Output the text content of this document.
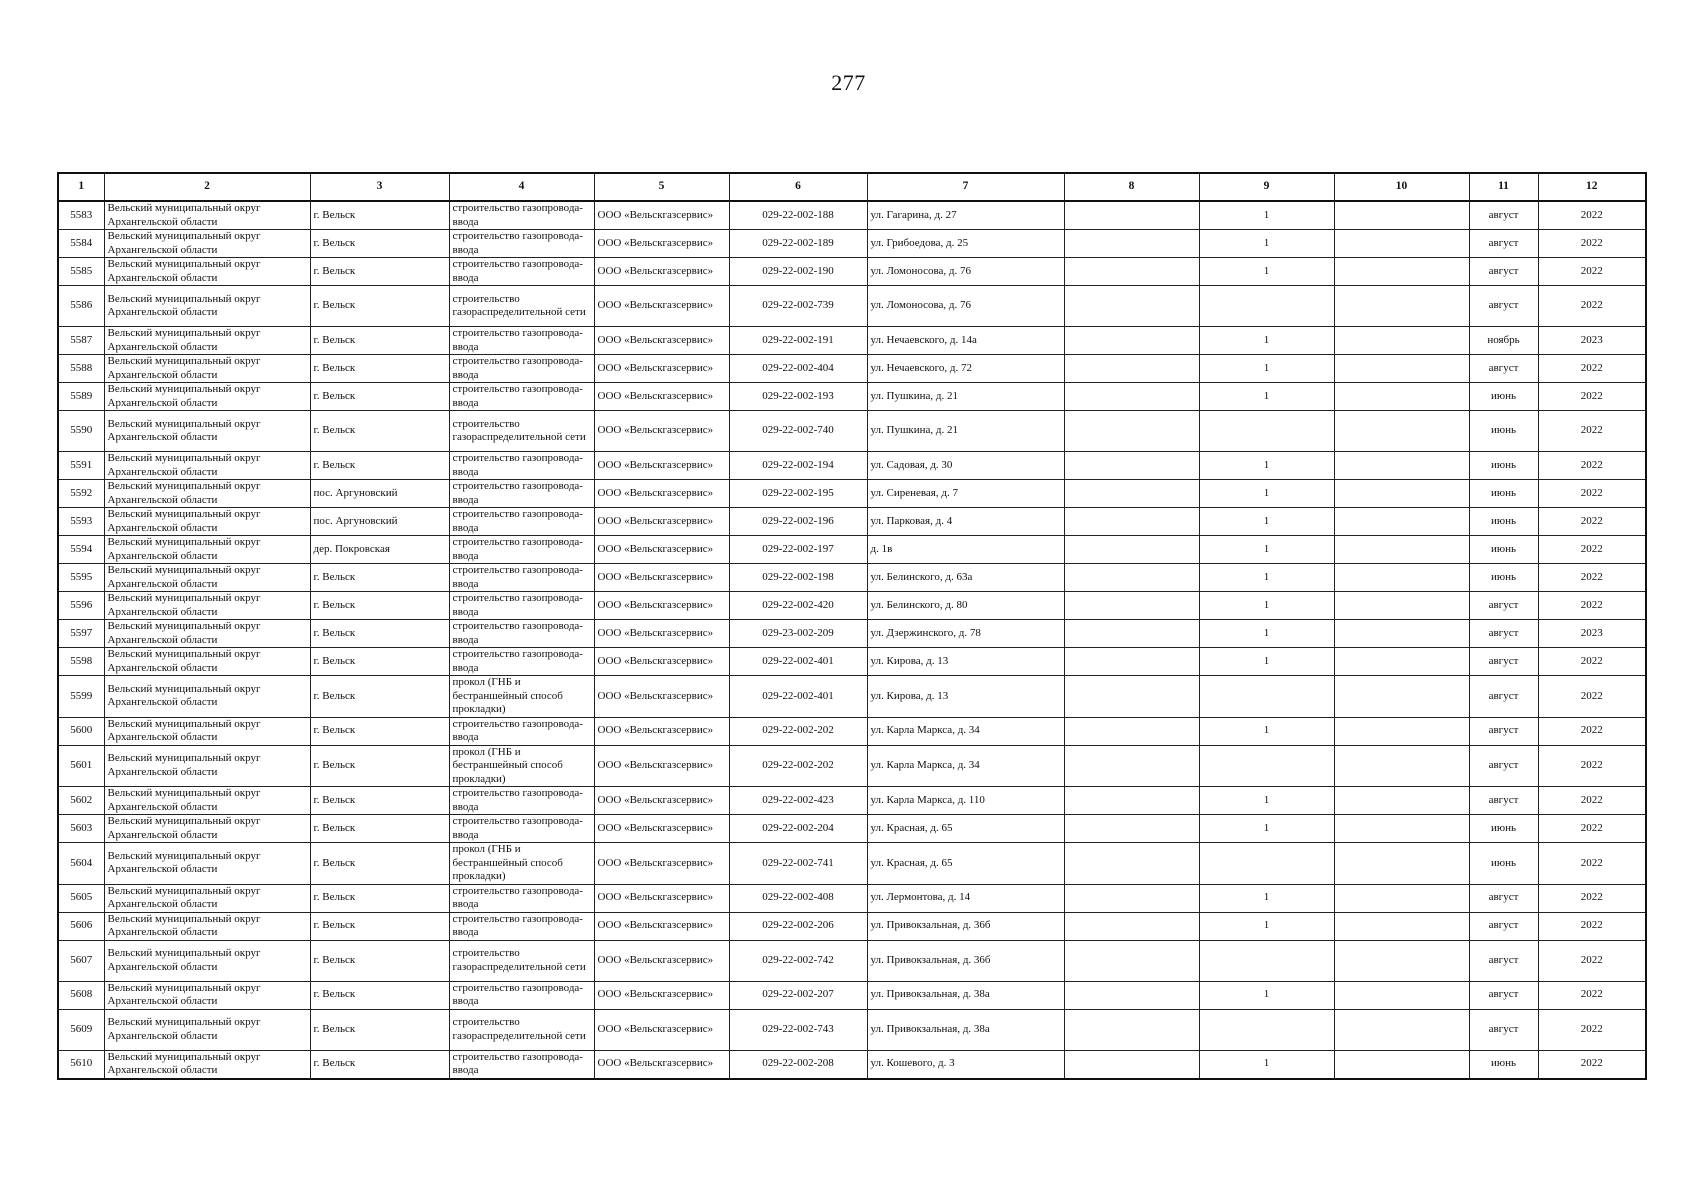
277
1	2	3	4	5	6	7	8	9	10	11	12
5583	Вельский муниципальный округ Архангельской области	г. Вельск	строительство газопровода-ввода	ООО «Вельскгазсервис»	029-22-002-188	ул. Гагарина, д. 27		1		август	2022
5584	Вельский муниципальный округ Архангельской области	г. Вельск	строительство газопровода-ввода	ООО «Вельскгазсервис»	029-22-002-189	ул. Грибоедова, д. 25		1		август	2022
5585	Вельский муниципальный округ Архангельской области	г. Вельск	строительство газопровода-ввода	ООО «Вельскгазсервис»	029-22-002-190	ул. Ломоносова, д. 76		1		август	2022
5586	Вельский муниципальный округ Архангельской области	г. Вельск	строительство газораспределительной сети	ООО «Вельскгазсервис»	029-22-002-739	ул. Ломоносова, д. 76				август	2022
5587	Вельский муниципальный округ Архангельской области	г. Вельск	строительство газопровода-ввода	ООО «Вельскгазсервис»	029-22-002-191	ул. Нечаевского, д. 14а		1		ноябрь	2023
5588	Вельский муниципальный округ Архангельской области	г. Вельск	строительство газопровода-ввода	ООО «Вельскгазсервис»	029-22-002-404	ул. Нечаевского, д. 72		1		август	2022
5589	Вельский муниципальный округ Архангельской области	г. Вельск	строительство газопровода-ввода	ООО «Вельскгазсервис»	029-22-002-193	ул. Пушкина, д. 21		1		июнь	2022
5590	Вельский муниципальный округ Архангельской области	г. Вельск	строительство газораспределительной сети	ООО «Вельскгазсервис»	029-22-002-740	ул. Пушкина, д. 21				июнь	2022
5591	Вельский муниципальный округ Архангельской области	г. Вельск	строительство газопровода-ввода	ООО «Вельскгазсервис»	029-22-002-194	ул. Садовая, д. 30		1		июнь	2022
5592	Вельский муниципальный округ Архангельской области	пос. Аргуновский	строительство газопровода-ввода	ООО «Вельскгазсервис»	029-22-002-195	ул. Сиреневая, д. 7		1		июнь	2022
5593	Вельский муниципальный округ Архангельской области	пос. Аргуновский	строительство газопровода-ввода	ООО «Вельскгазсервис»	029-22-002-196	ул. Парковая, д. 4		1		июнь	2022
5594	Вельский муниципальный округ Архангельской области	дер. Покровская	строительство газопровода-ввода	ООО «Вельскгазсервис»	029-22-002-197	д. 1в		1		июнь	2022
5595	Вельский муниципальный округ Архангельской области	г. Вельск	строительство газопровода-ввода	ООО «Вельскгазсервис»	029-22-002-198	ул. Белинского, д. 63а		1		июнь	2022
5596	Вельский муниципальный округ Архангельской области	г. Вельск	строительство газопровода-ввода	ООО «Вельскгазсервис»	029-22-002-420	ул. Белинского, д. 80		1		август	2022
5597	Вельский муниципальный округ Архангельской области	г. Вельск	строительство газопровода-ввода	ООО «Вельскгазсервис»	029-23-002-209	ул. Дзержинского, д. 78		1		август	2023
5598	Вельский муниципальный округ Архангельской области	г. Вельск	строительство газопровода-ввода	ООО «Вельскгазсервис»	029-22-002-401	ул. Кирова, д. 13		1		август	2022
5599	Вельский муниципальный округ Архангельской области	г. Вельск	прокол (ГНБ и бестраншейный способ прокладки)	ООО «Вельскгазсервис»	029-22-002-401	ул. Кирова, д. 13				август	2022
5600	Вельский муниципальный округ Архангельской области	г. Вельск	строительство газопровода-ввода	ООО «Вельскгазсервис»	029-22-002-202	ул. Карла Маркса, д. 34		1		август	2022
5601	Вельский муниципальный округ Архангельской области	г. Вельск	прокол (ГНБ и бестраншейный способ прокладки)	ООО «Вельскгазсервис»	029-22-002-202	ул. Карла Маркса, д. 34				август	2022
5602	Вельский муниципальный округ Архангельской области	г. Вельск	строительство газопровода-ввода	ООО «Вельскгазсервис»	029-22-002-423	ул. Карла Маркса, д. 110		1		август	2022
5603	Вельский муниципальный округ Архангельской области	г. Вельск	строительство газопровода-ввода	ООО «Вельскгазсервис»	029-22-002-204	ул. Красная, д. 65		1		июнь	2022
5604	Вельский муниципальный округ Архангельской области	г. Вельск	прокол (ГНБ и бестраншейный способ прокладки)	ООО «Вельскгазсервис»	029-22-002-741	ул. Красная, д. 65				июнь	2022
5605	Вельский муниципальный округ Архангельской области	г. Вельск	строительство газопровода-ввода	ООО «Вельскгазсервис»	029-22-002-408	ул. Лермонтова, д. 14		1		август	2022
5606	Вельский муниципальный округ Архангельской области	г. Вельск	строительство газопровода-ввода	ООО «Вельскгазсервис»	029-22-002-206	ул. Привокзальная, д. 36б		1		август	2022
5607	Вельский муниципальный округ Архангельской области	г. Вельск	строительство газораспределительной сети	ООО «Вельскгазсервис»	029-22-002-742	ул. Привокзальная, д. 36б				август	2022
5608	Вельский муниципальный округ Архангельской области	г. Вельск	строительство газопровода-ввода	ООО «Вельскгазсервис»	029-22-002-207	ул. Привокзальная, д. 38а		1		август	2022
5609	Вельский муниципальный округ Архангельской области	г. Вельск	строительство газораспределительной сети	ООО «Вельскгазсервис»	029-22-002-743	ул. Привокзальная, д. 38а				август	2022
5610	Вельский муниципальный округ Архангельской области	г. Вельск	строительство газопровода-ввода	ООО «Вельскгазсервис»	029-22-002-208	ул. Кошевого, д. 3		1		июнь	2022
